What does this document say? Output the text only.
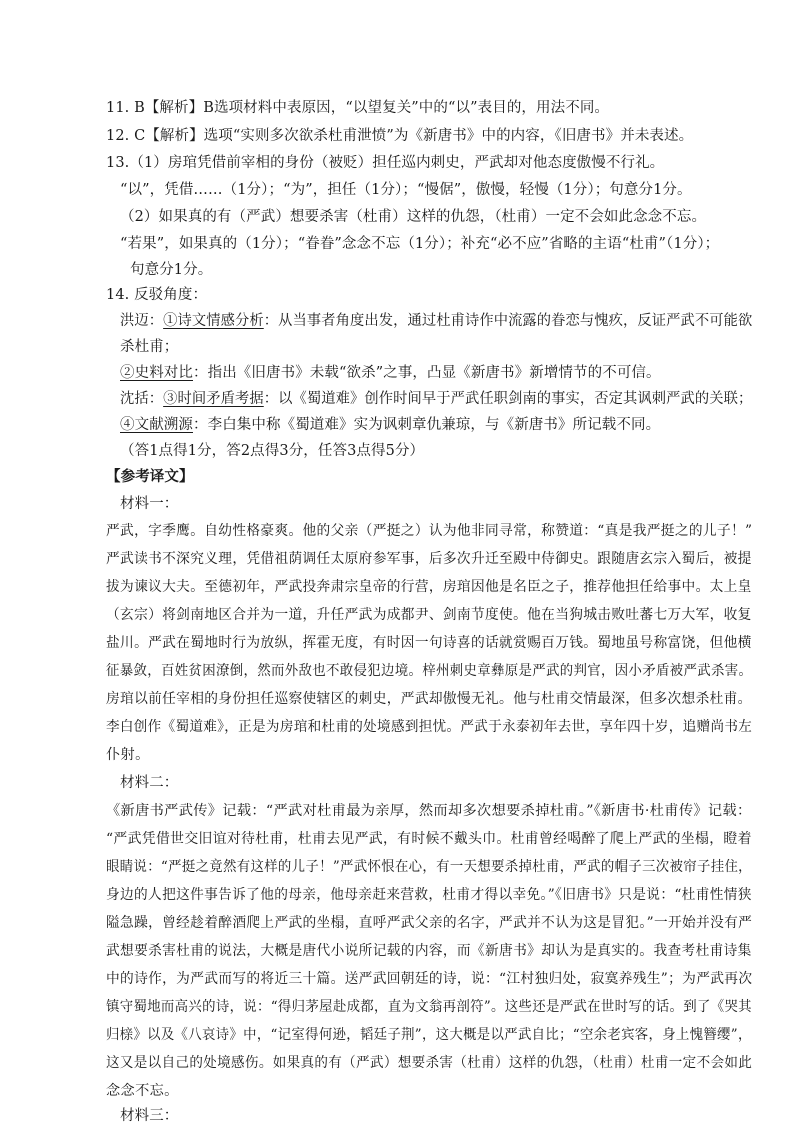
11. B【解析】B选项材料中表原因，“以望复关”中的“以”表目的，用法不同。
12. C【解析】选项“实则多次欲杀杜甫泄愤”为《新唐书》中的内容，《旧唐书》并未表述。
13.（1）房琯凭借前宰相的身份（被贬）担任巡内刺史，严武却对他态度傲慢不行礼。
“以”，凭借……（1分）；“为”，担任（1分）；“慢倨”，傲慢，轻慢（1分）；句意分1分。
（2）如果真的有（严武）想要杀害（杜甫）这样的仇怨，（杜甫）一定不会如此念念不忘。
“若果”，如果真的（1分）；“眷眷”念念不忘（1分）；补充“必不应”省略的主语“杜甫”（1分）；
句意分1分。
14. 反驳角度：
洪迈：①诗文情感分析：从当事者角度出发，通过杜甫诗作中流露的眷恋与愧疚，反证严武不可能欲
杀杜甫；
②史料对比：指出《旧唐书》未载“欲杀”之事，凸显《新唐书》新增情节的不可信。
沈括：③时间矛盾考据：以《蜀道难》创作时间早于严武任职剑南的事实，否定其讽刺严武的关联；
④文献溯源：李白集中称《蜀道难》实为讽刺章仇兼琼，与《新唐书》所记载不同。
（答1点得1分，答2点得3分，任答3点得5分）
【参考译文】
材料一：
严武，字季鹰。自幼性格豪爽。他的父亲（严挺之）认为他非同寻常，称赞道：“真是我严挺之的儿子！”
严武读书不深究义理，凭借祖荫调任太原府参军事，后多次升迁至殿中侍御史。跟随唐玄宗入蜀后，被提
拔为谏议大夫。至德初年，严武投奔肃宗皇帝的行营，房琯因他是名臣之子，推荐他担任给事中。太上皇
（玄宗）将剑南地区合并为一道，升任严武为成都尹、剑南节度使。他在当狗城击败吐蕃七万大军，收复
盐川。严武在蜀地时行为放纵，挥霍无度，有时因一句诗喜的话就赏赐百万钱。蜀地虽号称富饶，但他横
征暴敛，百姓贫困潦倒，然而外敌也不敢侵犯边境。梓州刺史章彝原是严武的判官，因小矛盾被严武杀害。
房琯以前任宰相的身份担任巡察使辖区的刺史，严武却傲慢无礼。他与杜甫交情最深，但多次想杀杜甫。
李白创作《蜀道难》，正是为房琯和杜甫的处境感到担忧。严武于永泰初年去世，享年四十岁，追赠尚书左
仆射。
材料二：
《新唐书严武传》记载：“严武对杜甫最为亲厚，然而却多次想要杀掉杜甫。”《新唐书·杜甫传》记载：
“严武凭借世交旧谊对待杜甫，杜甫去见严武，有时候不戴头巾。杜甫曾经喝醉了爬上严武的坐榻，瞪着
眼睛说：“严挺之竟然有这样的儿子！”严武怀恨在心，有一天想要杀掉杜甫，严武的帽子三次被帘子挂住，
身边的人把这件事告诉了他的母亲，他母亲赶来营救，杜甫才得以幸免。”《旧唐书》只是说：“杜甫性情狭
隘急躁，曾经趁着醉酒爬上严武的坐榻，直呼严武父亲的名字，严武并不认为这是冒犯。”一开始并没有严
武想要杀害杜甫的说法，大概是唐代小说所记载的内容，而《新唐书》却认为是真实的。我查考杜甫诗集
中的诗作，为严武而写的将近三十篇。送严武回朝廷的诗，说：“江村独归处，寂寞养残生”；为严武再次
镇守蜀地而高兴的诗，说：“得归茅屋赴成都，直为文翁再剖符”。这些还是严武在世时写的话。到了《哭其
归榇》以及《八哀诗》中，“记室得何逊，韬廷子荆”，这大概是以严武自比；“空余老宾客，身上愧簪缨”，
这又是以自己的处境感伤。如果真的有（严武）想要杀害（杜甫）这样的仇怨，（杜甫）杜甫一定不会如此
念念不忘。
材料三：
